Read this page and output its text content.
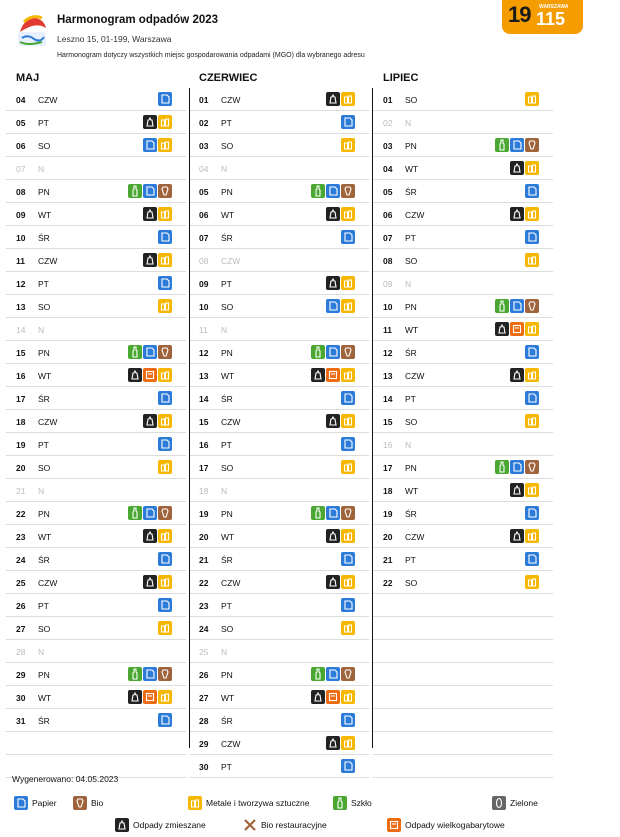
Harmonogram odpadów 2023
Leszno 15, 01-199, Warszawa
Harmonogram dotyczy wszystkich miejsc gospodarowania odpadami (MGO) dla wybranego adresu
19 WARSZAWA
115
MAJ
04 CZW
05 PT
06 SO
07 N
08 PN
09 WT
10 ŚR
11 CZW
12 PT
13 SO
14 N
15 PN
16 WT
17 ŚR
18 CZW
19 PT
20 SO
21 N
22 PN
23 WT
24 ŚR
25 CZW
26 PT
27 SO
28 N
29 PN
30 WT
31 ŚR
CZERWIEC
01 CZW
02 PT
03 SO
04 N
05 PN
06 WT
07 ŚR
08 CZW
09 PT
10 SO
11 N
12 PN
13 WT
14 ŚR
15 CZW
16 PT
17 SO
18 N
19 PN
20 WT
21 ŚR
22 CZW
23 PT
24 SO
25 N
26 PN
27 WT
28 ŚR
29 CZW
30 PT
LIPIEC
01 SO
02 N
03 PN
04 WT
05 ŚR
06 CZW
07 PT
08 SO
09 N
10 PN
11 WT
12 ŚR
13 CZW
14 PT
15 SO
16 N
17 PN
18 WT
19 ŚR
20 CZW
21 PT
22 SO
Wygenerowano: 04.05.2023
Papier	Bio	Metale i tworzywa sztuczne	Szkło	Zielone
Odpady zmieszane	Bio restauracyjne	Odpady wielkogabarytowe
